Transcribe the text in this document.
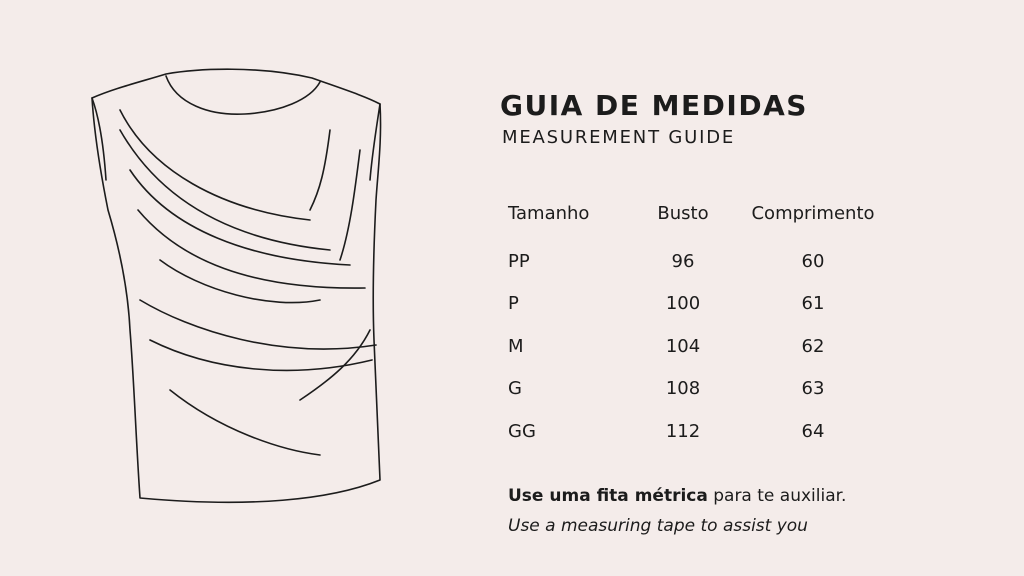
GUIA DE MEDIDAS
MEASUREMENT GUIDE
Tamanho	Busto	Comprimento
PP	96	60
P	100	61
M	104	62
G	108	63
GG	112	64

Use uma fita métrica para te auxiliar.

Use a measuring tape to assist you
